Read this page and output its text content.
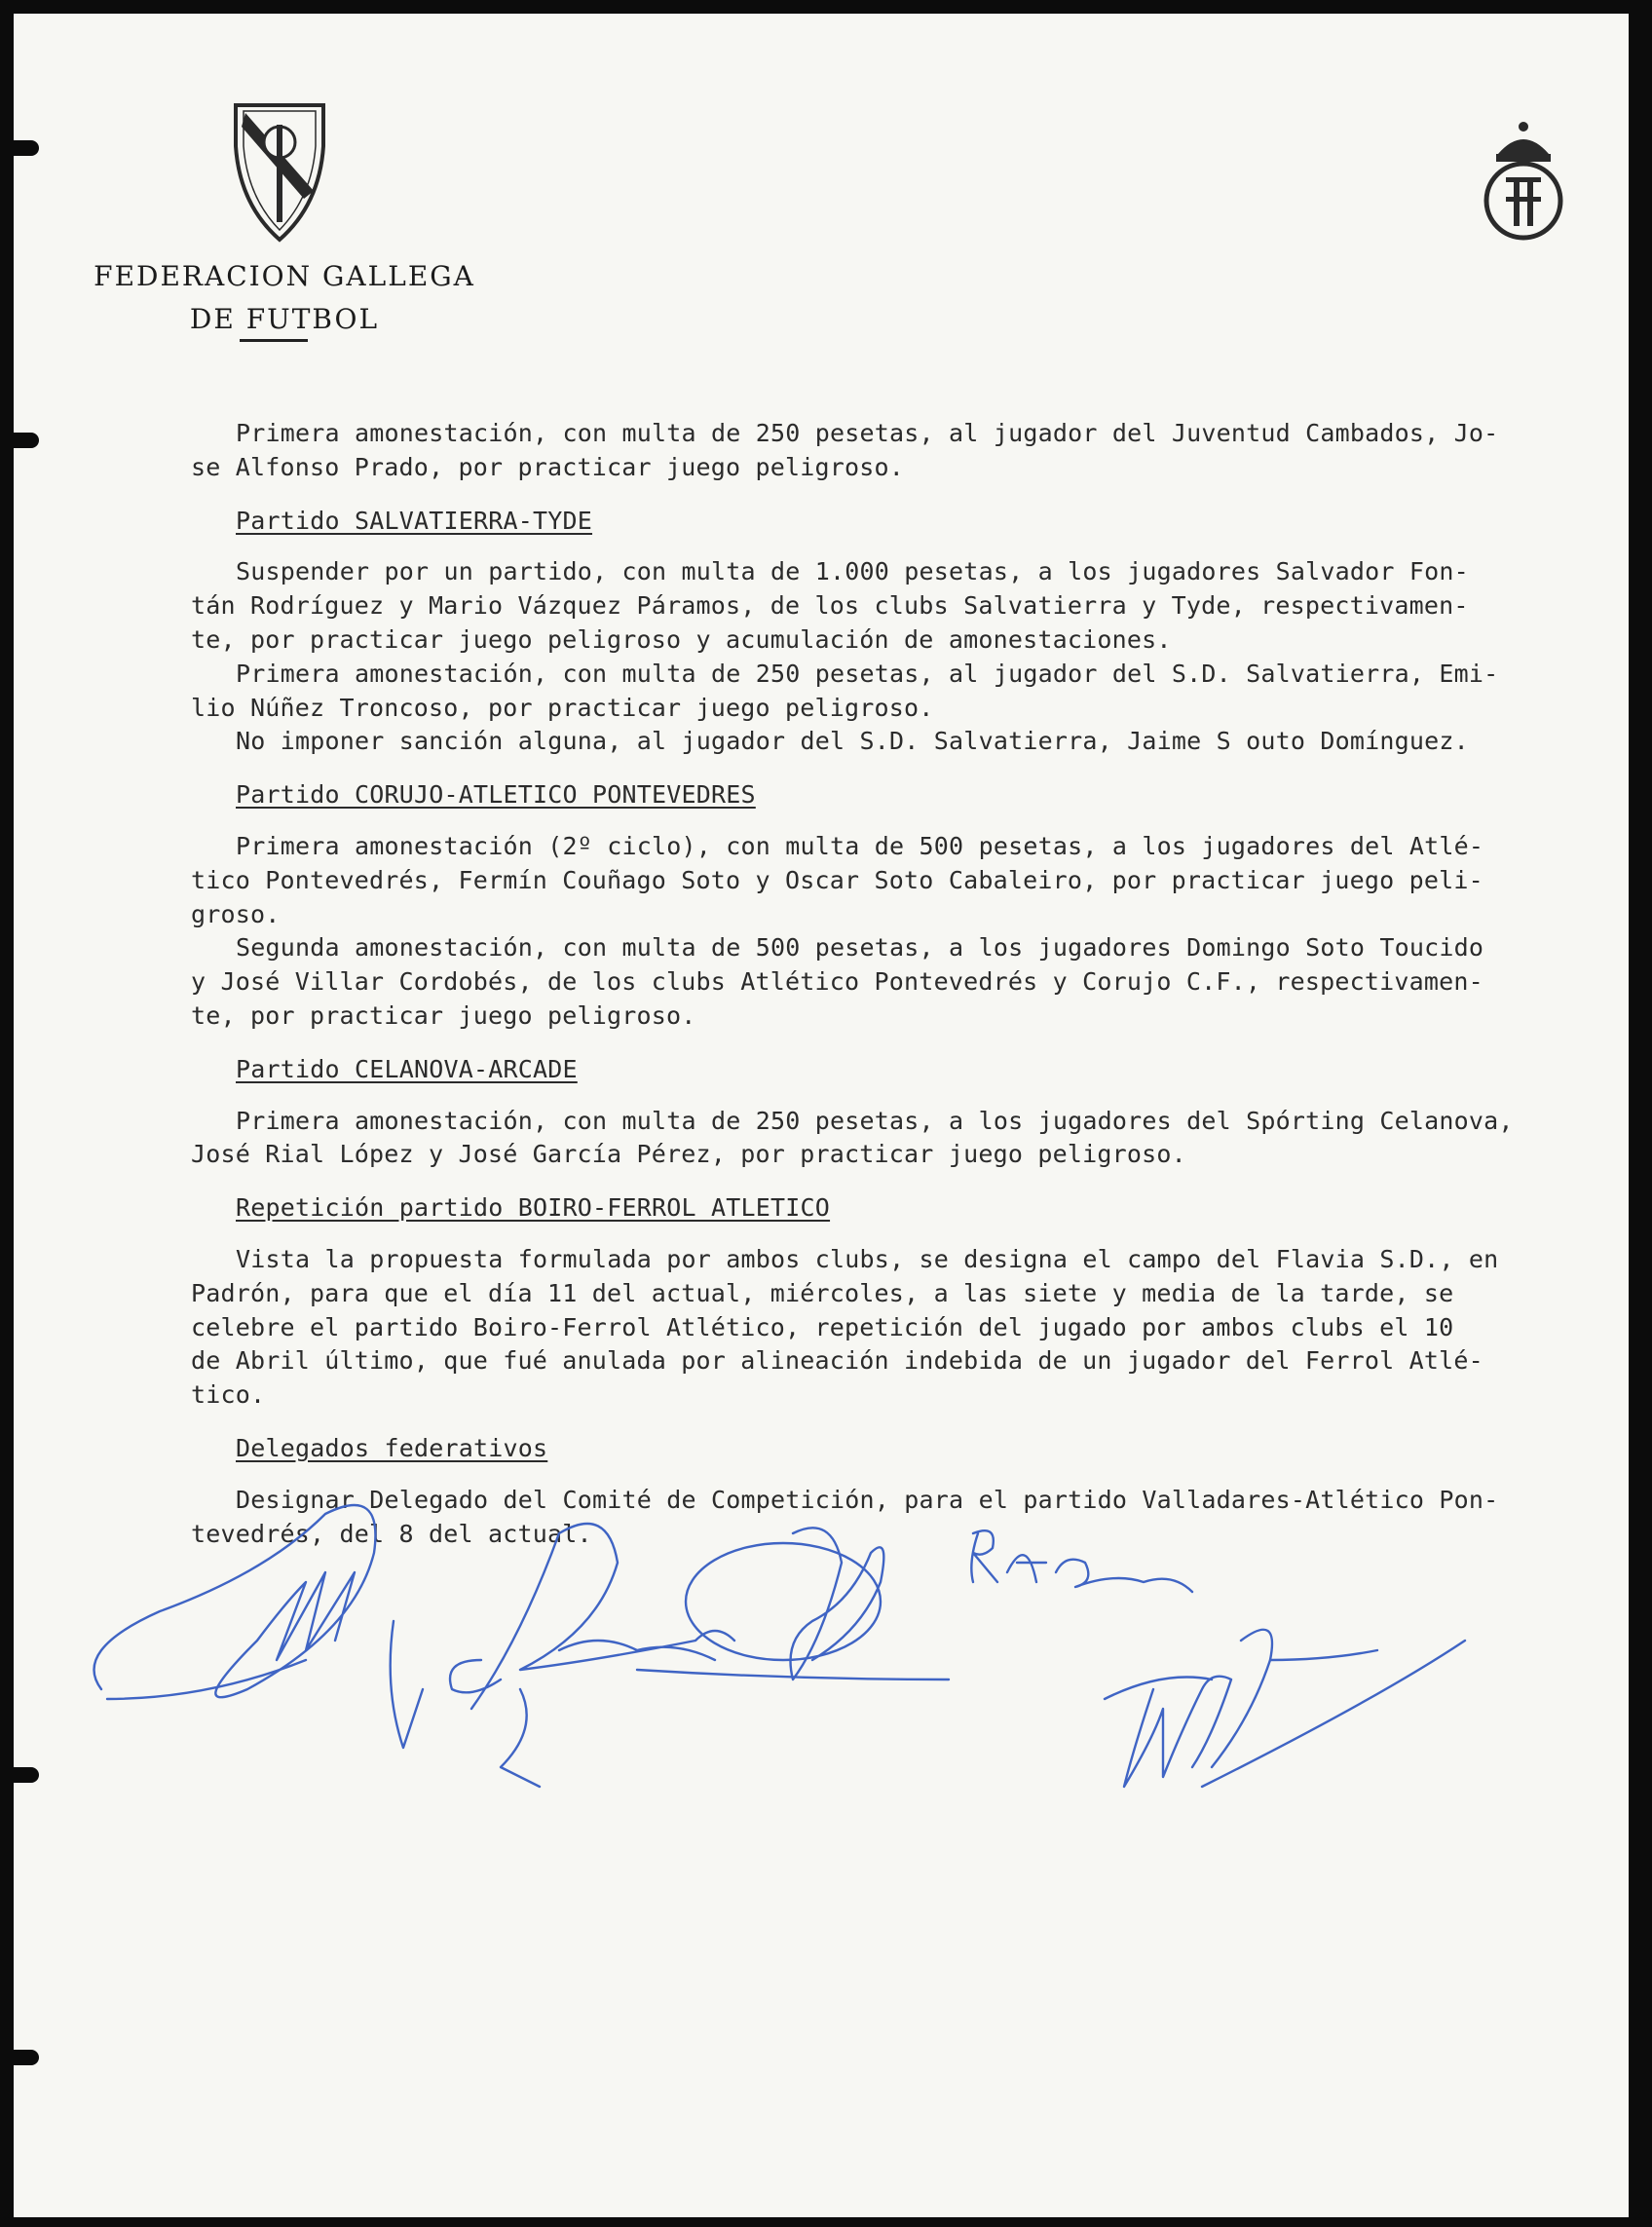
FEDERACION GALLEGA
DE FUTBOL

Primera amonestación, con multa de 250 pesetas, al jugador del Juventud Cambados, Jo-

se Alfonso Prado, por practicar juego peligroso.

Partido SALVATIERRA-TYDE

Suspender por un partido, con multa de 1.000 pesetas, a los jugadores Salvador Fon-

tán Rodríguez y Mario Vázquez Páramos, de los clubs Salvatierra y Tyde, respectivamen-

te, por practicar juego peligroso y acumulación de amonestaciones.

Primera amonestación, con multa de 250 pesetas, al jugador del S.D. Salvatierra, Emi-

lio Núñez Troncoso, por practicar juego peligroso.

No imponer sanción alguna, al jugador del S.D. Salvatierra, Jaime S outo Domínguez.

Partido CORUJO-ATLETICO PONTEVEDRES

Primera amonestación (2º ciclo), con multa de 500 pesetas, a los jugadores del Atlé-

tico Pontevedrés, Fermín Couñago Soto y Oscar Soto Cabaleiro, por practicar juego peli-

groso.

Segunda amonestación, con multa de 500 pesetas, a los jugadores Domingo Soto Toucido

y José Villar Cordobés, de los clubs Atlético Pontevedrés y Corujo C.F., respectivamen-

te, por practicar juego peligroso.

Partido CELANOVA-ARCADE

Primera amonestación, con multa de 250 pesetas, a los jugadores del Spórting Celanova,

José Rial López y José García Pérez, por practicar juego peligroso.

Repetición partido BOIRO-FERROL ATLETICO

Vista la propuesta formulada por ambos clubs, se designa el campo del Flavia S.D., en

Padrón, para que el día 11 del actual, miércoles, a las siete y media de la tarde, se

celebre el partido Boiro-Ferrol Atlético, repetición del jugado por ambos clubs el 10

de Abril último, que fué anulada por alineación indebida de un jugador del Ferrol Atlé-

tico.

Delegados federativos

Designar Delegado del Comité de Competición, para el partido Valladares-Atlético Pon-

tevedrés, del 8 del actual.
